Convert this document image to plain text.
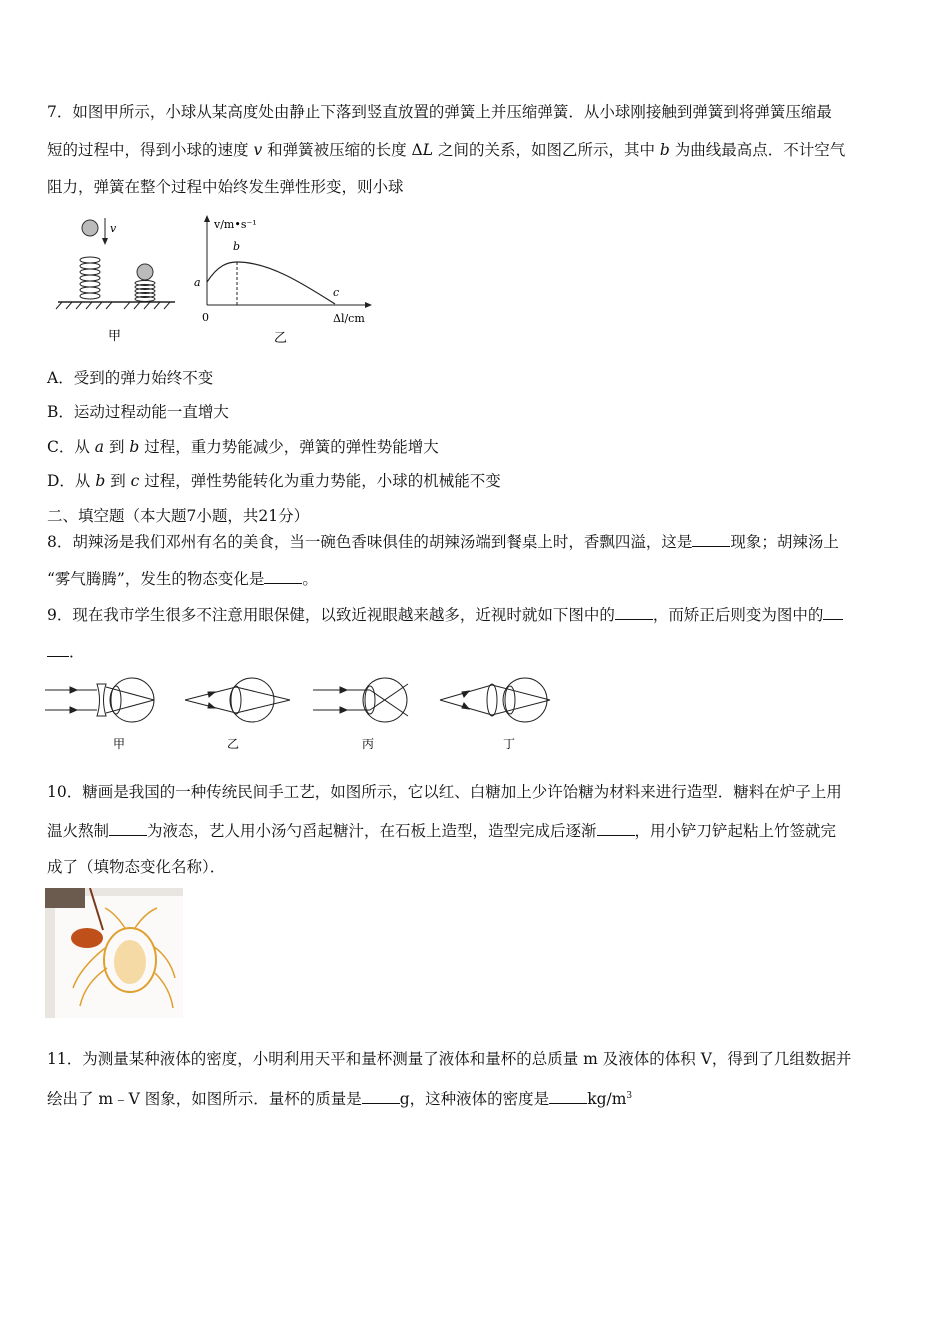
7．如图甲所示，小球从某高度处由静止下落到竖直放置的弹簧上并压缩弹簧．从小球刚接触到弹簧到将弹簧压缩最
短的过程中，得到小球的速度 v 和弹簧被压缩的长度 ΔL 之间的关系，如图乙所示，其中 b 为曲线最高点．不计空气
阻力，弹簧在整个过程中始终发生弹性形变，则小球
v
甲
v/m•s⁻¹
a
b
c
0	Δl/cm
乙
A．受到的弹力始终不变
B．运动过程动能一直增大
C．从 a 到 b 过程，重力势能减少，弹簧的弹性势能增大
D．从 b 到 c 过程，弹性势能转化为重力势能，小球的机械能不变
二、填空题（本大题7小题，共21分）
8．胡辣汤是我们邓州有名的美食，当一碗色香味俱佳的胡辣汤端到餐桌上时，香飘四溢，这是 现象；胡辣汤上
“雾气腾腾”，发生的物态变化是 。
9．现在我市学生很多不注意用眼保健，以致近视眼越来越多，近视时就如下图中的 ，而矫正后则变为图中的
．
甲	乙	丙	丁
10．糖画是我国的一种传统民间手工艺，如图所示，它以红、白糖加上少许饴糖为材料来进行造型．糖料在炉子上用
温火熬制 为液态，艺人用小汤勺舀起糖汁，在石板上造型，造型完成后逐渐 ，用小铲刀铲起粘上竹签就完
成了（填物态变化名称）．
11．为测量某种液体的密度，小明利用天平和量杯测量了液体和量杯的总质量 m 及液体的体积 V，得到了几组数据并
绘出了 m﹣V 图象，如图所示．量杯的质量是 g，这种液体的密度是 $kg/m^3$
